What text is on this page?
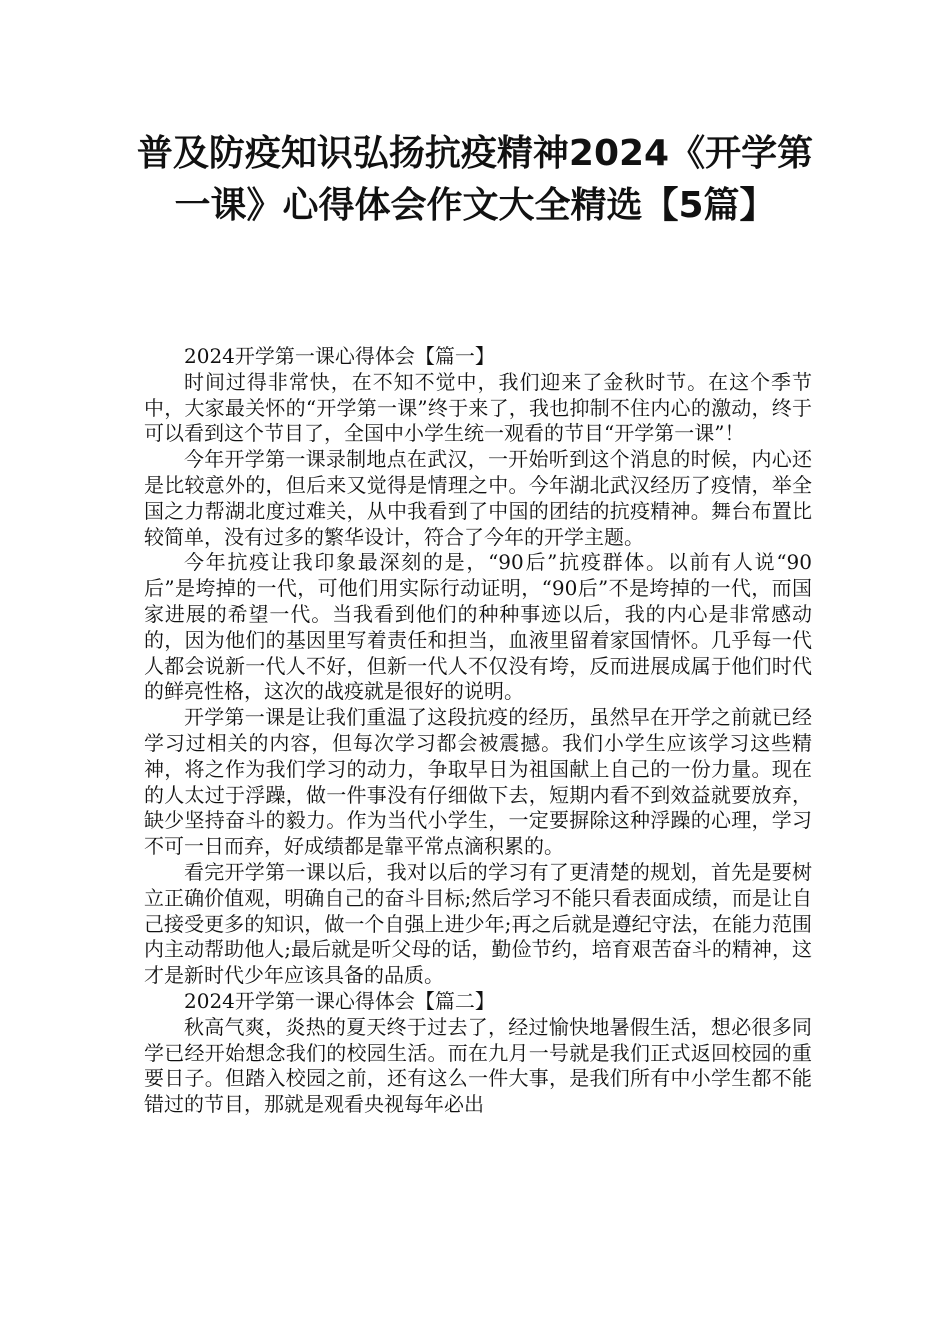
普及防疫知识弘扬抗疫精神2024《开学第一课》心得体会作文大全精选【5篇】

2024开学第一课心得体会【篇一】

时间过得非常快，在不知不觉中，我们迎来了金秋时节。在这个季节中，大家最关怀的“开学第一课”终于来了，我也抑制不住内心的激动，终于可以看到这个节目了，全国中小学生统一观看的节目“开学第一课”！

今年开学第一课录制地点在武汉，一开始听到这个消息的时候，内心还是比较意外的，但后来又觉得是情理之中。今年湖北武汉经历了疫情，举全国之力帮湖北度过难关，从中我看到了中国的团结的抗疫精神。舞台布置比较简单，没有过多的繁华设计，符合了今年的开学主题。

今年抗疫让我印象最深刻的是，“90后”抗疫群体。以前有人说“90后”是垮掉的一代，可他们用实际行动证明，“90后”不是垮掉的一代，而国家进展的希望一代。当我看到他们的种种事迹以后，我的内心是非常感动的，因为他们的基因里写着责任和担当，血液里留着家国情怀。几乎每一代人都会说新一代人不好，但新一代人不仅没有垮，反而进展成属于他们时代的鲜亮性格，这次的战疫就是很好的说明。

开学第一课是让我们重温了这段抗疫的经历，虽然早在开学之前就已经学习过相关的内容，但每次学习都会被震撼。我们小学生应该学习这些精神，将之作为我们学习的动力，争取早日为祖国献上自己的一份力量。现在的人太过于浮躁，做一件事没有仔细做下去，短期内看不到效益就要放弃，缺少坚持奋斗的毅力。作为当代小学生，一定要摒除这种浮躁的心理，学习不可一日而弃，好成绩都是靠平常点滴积累的。

看完开学第一课以后，我对以后的学习有了更清楚的规划，首先是要树立正确价值观，明确自己的奋斗目标;然后学习不能只看表面成绩，而是让自己接受更多的知识，做一个自强上进少年;再之后就是遵纪守法，在能力范围内主动帮助他人;最后就是听父母的话，勤俭节约，培育艰苦奋斗的精神，这才是新时代少年应该具备的品质。

2024开学第一课心得体会【篇二】

秋高气爽，炎热的夏天终于过去了，经过愉快地暑假生活，想必很多同学已经开始想念我们的校园生活。而在九月一号就是我们正式返回校园的重要日子。但踏入校园之前，还有这么一件大事，是我们所有中小学生都不能错过的节目，那就是观看央视每年必出
